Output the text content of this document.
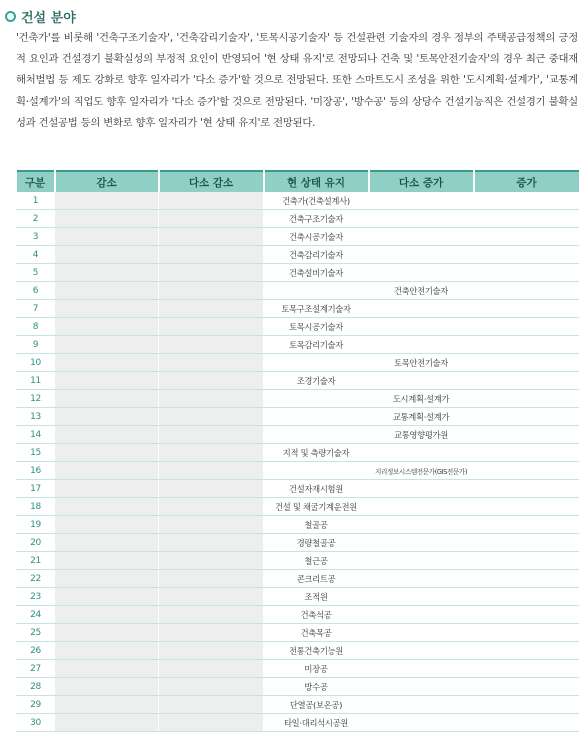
건설 분야
'건축가'를 비롯해 '건축구조기술자', '건축감리기술자', '토목시공기술자' 등 건설관련 기술자의 경우 정부의 주택공급정책의 긍정적 요인과 건설경기 불확실성의 부정적 요인이 반영되어 '현 상태 유지'로 전망되나 건축 및 '토목안전기술자'의 경우 최근 중대재해처벌법 등 제도 강화로 향후 일자리가 '다소 증가'할 것으로 전망된다. 또한 스마트도시 조성을 위한 '도시계획·설계가', '교통계획·설계가'의 직업도 향후 일자리가 '다소 증가'할 것으로 전망된다. '미장공', '방수공' 등의 상당수 건설기능직은 건설경기 불확실성과 건설공법 등의 변화로 향후 일자리가 '현 상태 유지'로 전망된다.
구분	감소	다소 감소	현 상태 유지	다소 증가	증가
1			건축가(건축설계사)		
2			건축구조기술자		
3			건축시공기술자		
4			건축감리기술자		
5			건축설비기술자		
6				건축안전기술자	
7			토목구조설계기술자		
8			토목시공기술자		
9			토목감리기술자		
10				토목안전기술자	
11			조경기술자		
12				도시계획·설계가	
13				교통계획·설계가	
14				교통영향평가원	
15			지적 및 측량기술자		
16				지리정보시스템전문가(GIS전문가)	
17			건설자재시험원		
18			건설 및 채굴기계운전원		
19			철골공		
20			경량철골공		
21			철근공		
22			콘크리트공		
23			조적원		
24			건축석공		
25			건축목공		
26			전통건축기능원		
27			미장공		
28			방수공		
29			단열공(보온공)		
30			타일·대리석시공원		
